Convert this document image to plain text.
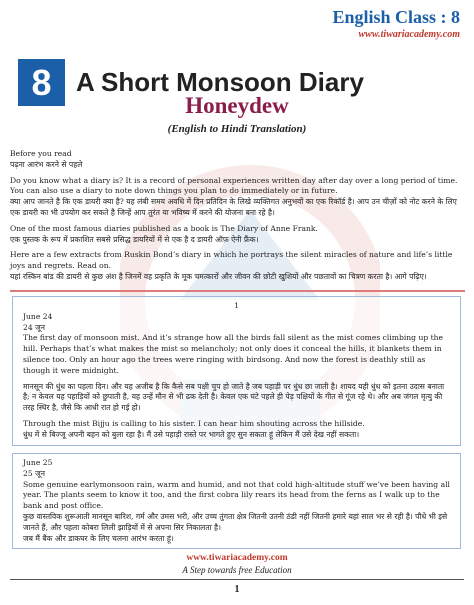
English Class : 8
www.tiwariacademy.com
8 A Short Monsoon Diary
Honeydew
(English to Hindi Translation)

Before you read

पढ़ना आरंभ करने से पहले

Do you know what a diary is? It is a record of personal experiences written day after day over a long period of time. You can also use a diary to note down things you plan to do immediately or in future.

क्या आप जानते है कि एक डायरी क्या है? यह लंबी समय अवधि में दिन प्रतिदिन के लिखे व्यक्तिगत अनुभवों का एक रिकॉर्ड है। आप उन चीज़ों को नोट करने के लिए एक डायरी का भी उपयोग कर सकते है जिन्हें आप तुरंत या भविष्य में करने की योजना बना रहे है।

One of the most famous diaries published as a book is The Diary of Anne Frank.

एक पुस्तक के रूप में प्रकाशित सबसे प्रसिद्ध डायरियों में से एक है द डायरी ऑफ़ ऐनी फ्रैंक।

Here are a few extracts from Ruskin Bond’s diary in which he portrays the silent miracles of nature and life’s little joys and regrets. Read on.

यहां रस्किन बांड की डायरी से कुछ अंश है जिनमें वह प्रकृति के मूक चमत्कारों और जीवन की छोटी खुशियों और पछतावों का चित्रण करता है। आगे पढ़िए।

1

June 24

24 जून

The first day of monsoon mist. And it’s strange how all the birds fall silent as the mist comes climbing up the hill. Perhaps that’s what makes the mist so melancholy; not only does it conceal the hills, it blankets them in silence too. Only an hour ago the trees were ringing with birdsong. And now the forest is deathly still as though it were midnight.

मानसून की धुंध का पहला दिन। और यह अजीब है कि कैसे सब पक्षी चुप हो जाते है जब पहाड़ी पर धुंध छा जाती है। शायद यही धुंध को इतना उदास बनाता है; न केवल यह पहाड़ियों को छुपाती है, यह उन्हें मौन से भी ढक देती है। केवल एक घंटे पहले ही पेड़ पक्षियों के गीत से गूंज रहे थे। और अब जंगल मृत्यु की तरह स्थिर है, जैसे कि आधी रात हो गई हो।

Through the mist Bijju is calling to his sister. I can hear him shouting across the hillside.

धुंध में से बिज्जू अपनी बहन को बुला रहा है। मैं उसे पहाड़ी रास्ते पर भागते हुए सुन सकता हूं लेकिन मैं उसे देख नहीं सकता।

www.tiwariacademy.com
A Step towards free Education
1

June 25

25 जून

Some genuine earlymonsoon rain, warm and humid, and not that cold high-altitude stuff we’ve been having all year. The plants seem to know it too, and the first cobra lily rears its head from the ferns as I walk up to the bank and post office.

कुछ वास्तविक शुरूआती मानसून बारिश, गर्म और उमस भरी, और उच्च तुंगता क्षेत्र जितनी उतनी ठंडी नहीं जितनी हमारे यहां साल भर से रही है। पौधे भी इसे जानते हैं, और पहला कोबरा लिली झाड़ियों में से अपना सिर निकालता है।

जब मैं बैंक और डाकघर के लिए चलना आरंभ करता हूं।
